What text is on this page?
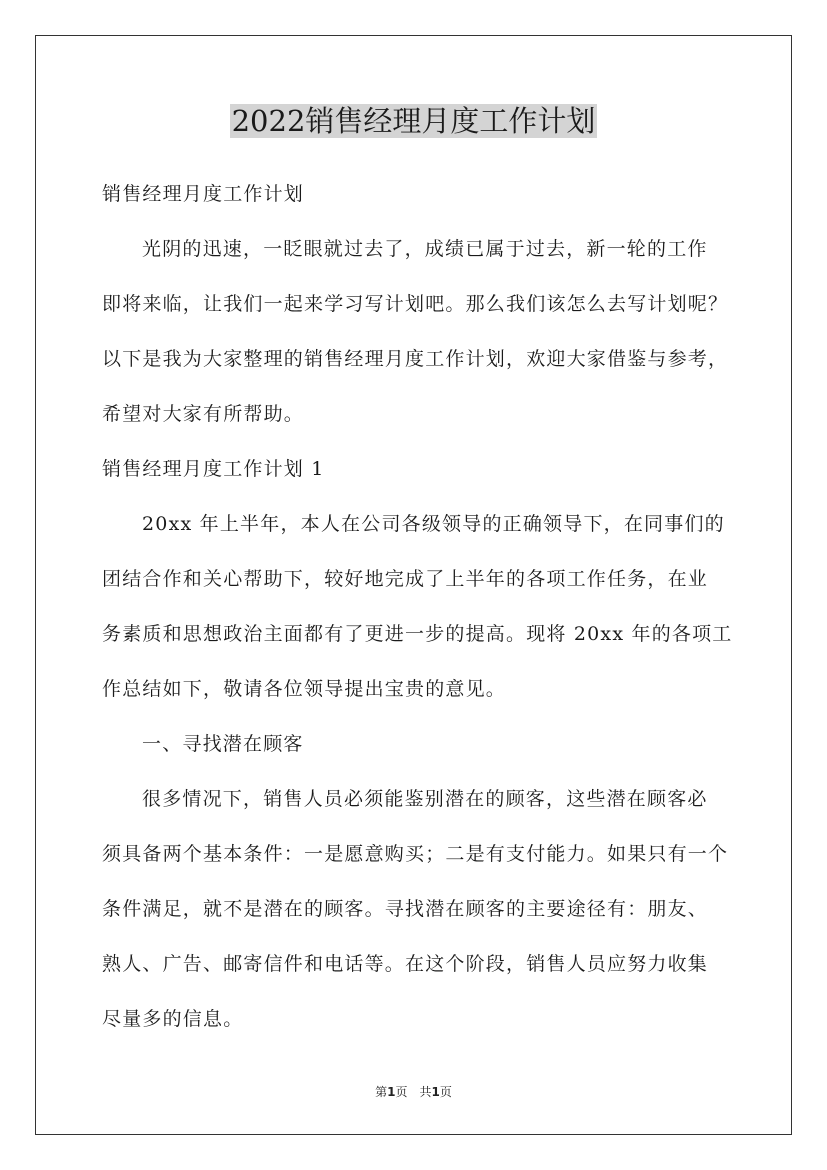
2022销售经理月度工作计划

销售经理月度工作计划

光阴的迅速，一眨眼就过去了，成绩已属于过去，新一轮的工作
即将来临，让我们一起来学习写计划吧。那么我们该怎么去写计划呢？
以下是我为大家整理的销售经理月度工作计划，欢迎大家借鉴与参考，
希望对大家有所帮助。

销售经理月度工作计划 1

20xx 年上半年，本人在公司各级领导的正确领导下，在同事们的
团结合作和关心帮助下，较好地完成了上半年的各项工作任务，在业
务素质和思想政治主面都有了更进一步的提高。现将 20xx 年的各项工
作总结如下，敬请各位领导提出宝贵的意见。

一、寻找潜在顾客

很多情况下，销售人员必须能鉴别潜在的顾客，这些潜在顾客必
须具备两个基本条件：一是愿意购买；二是有支付能力。如果只有一个
条件满足，就不是潜在的顾客。寻找潜在顾客的主要途径有：朋友、
熟人、广告、邮寄信件和电话等。在这个阶段，销售人员应努力收集
尽量多的信息。

第1页 共1页
